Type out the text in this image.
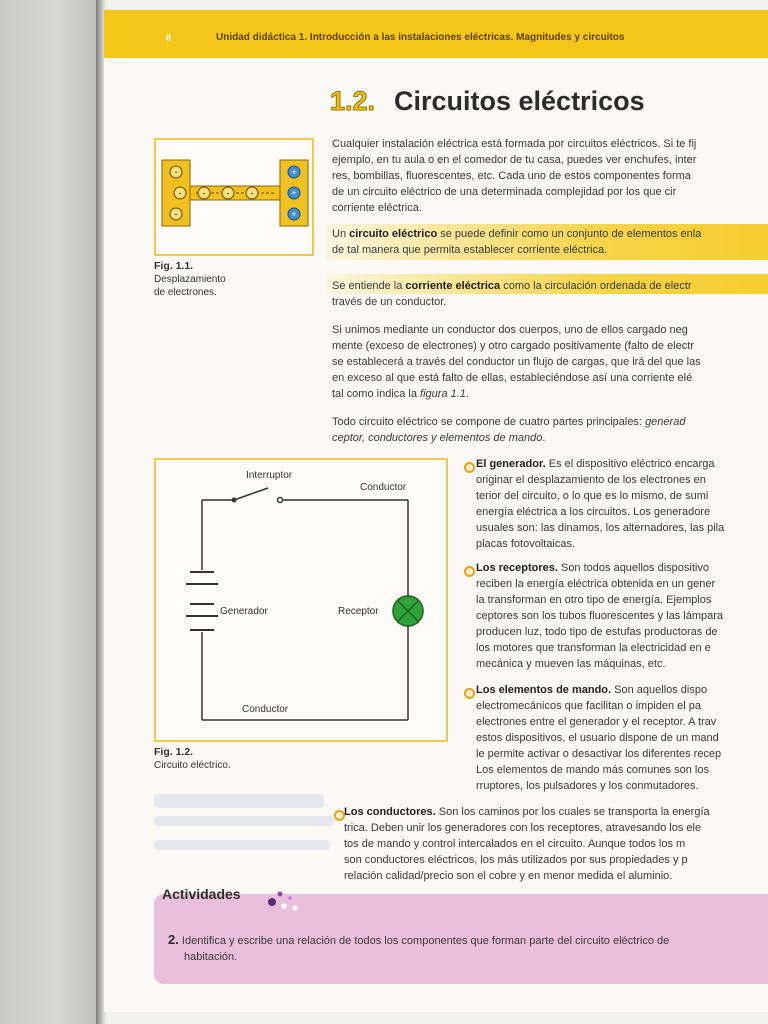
8	Unidad didáctica 1. Introducción a las instalaciones eléctricas. Magnitudes y circuitos
1.2. Circuitos eléctricos
Cualquier instalación eléctrica está formada por circuitos eléctricos. Si te fij
ejemplo, en tu aula o en el comedor de tu casa, puedes ver enchufes, inter
res, bombillas, fluorescentes, etc. Cada uno de estos componentes forma
de un circuito eléctrico de una determinada complejidad por los que cir
corriente eléctrica.
Un circuito eléctrico se puede definir como un conjunto de elementos enla
de tal manera que permita establecer corriente eléctrica.
Se entiende la corriente eléctrica como la circulación ordenada de electr
través de un conductor.
Si unimos mediante un conductor dos cuerpos, uno de ellos cargado neg
mente (exceso de electrones) y otro cargado positivamente (falto de electr
se establecerá a través del conductor un flujo de cargas, que irá del que las
en exceso al que está falto de ellas, estableciéndose así una corriente elé
tal como indica la figura 1.1.
Todo circuito eléctrico se compone de cuatro partes principales: generad
ceptor, conductores y elementos de mando.
-
-
-
- - -
+
+
+
Fig. 1.1.
Desplazamiento
de electrones.
Interruptor
Conductor
Generador	Receptor
Conductor
Fig. 1.2.
Circuito eléctrico.
El generador. Es el dispositivo eléctrico encarga
originar el desplazamiento de los electrones en
terior del circuito, o lo que es lo mismo, de sumi
energía eléctrica a los circuitos. Los generadore
usuales son: las dinamos, los alternadores, las pila
placas fotovoltaicas.
Los receptores. Son todos aquellos dispositivo
reciben la energía eléctrica obtenida en un gener
la transforman en otro tipo de energía. Ejemplos
ceptores son los tubos fluorescentes y las lámpara
producen luz, todo tipo de estufas productoras de
los motores que transforman la electricidad en e
mecánica y mueven las máquinas, etc.
Los elementos de mando. Son aquellos dispo
electromecánicos que facilitan o impiden el pa
electrones entre el generador y el receptor. A trav
estos dispositivos, el usuario dispone de un mand
le permite activar o desactivar los diferentes recep
Los elementos de mando más comunes son los
rruptores, los pulsadores y los conmutadores.
Los conductores. Son los caminos por los cuales se transporta la energía
trica. Deben unir los generadores con los receptores, atravesando los ele
tos de mando y control intercalados en el circuito. Aunque todos los m
son conductores eléctricos, los más utilizados por sus propiedades y p
relación calidad/precio son el cobre y en menor medida el aluminio.
Actividades
2. Identifica y escribe una relación de todos los componentes que forman parte del circuito eléctrico de
habitación.
